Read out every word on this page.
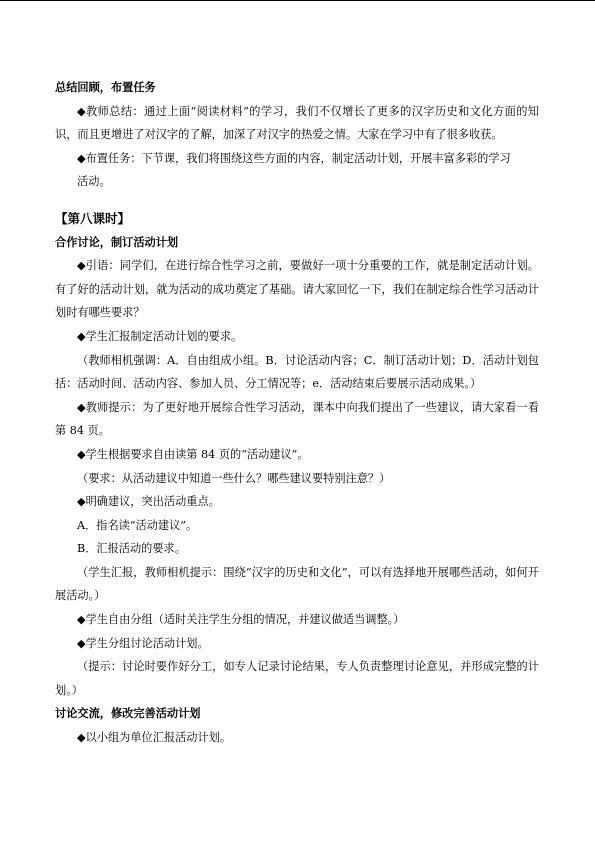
总结回顾，布置任务

◆教师总结：通过上面“阅读材料”的学习，我们不仅增长了更多的汉字历史和文化方面的知识，而且更增进了对汉字的了解，加深了对汉字的热爱之情。大家在学习中有了很多收获。

◆布置任务：下节课，我们将围绕这些方面的内容，制定活动计划，开展丰富多彩的学习

活动。

【第八课时】

合作讨论，制订活动计划

◆引语：同学们，在进行综合性学习之前，要做好一项十分重要的工作，就是制定活动计划。有了好的活动计划，就为活动的成功奠定了基础。请大家回忆一下，我们在制定综合性学习活动计划时有哪些要求？

◆学生汇报制定活动计划的要求。

（教师相机强调：A．自由组成小组。B．讨论活动内容；C．制订活动计划；D．活动计划包括：活动时间、活动内容、参加人员、分工情况等；e．活动结束后要展示活动成果。）

◆教师提示：为了更好地开展综合性学习活动，课本中向我们提出了一些建议，请大家看一看第 84 页。

◆学生根据要求自由读第 84 页的“活动建议”。

（要求：从活动建议中知道一些什么？哪些建议要特别注意？）

◆明确建议，突出活动重点。

A．指名读“活动建议”。

B．汇报活动的要求。

（学生汇报，教师相机提示：围绕“汉字的历史和文化”，可以有选择地开展哪些活动，如何开展活动。）

◆学生自由分组（适时关注学生分组的情况，并建议做适当调整。）

◆学生分组讨论活动计划。

（提示：讨论时要作好分工，如专人记录讨论结果，专人负责整理讨论意见，并形成完整的计划。）

讨论交流，修改完善活动计划

◆以小组为单位汇报活动计划。
